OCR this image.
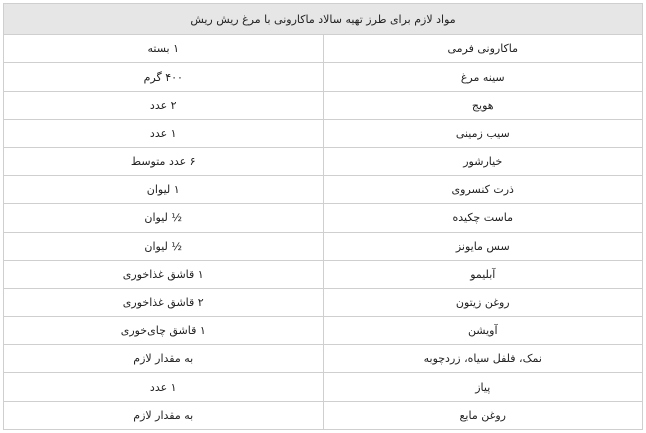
مواد لازم برای طرز تهیه سالاد ماکارونی با مرغ ریش ریش	
ماکارونی فرمی	۱ بسته
سینه مرغ	۴۰۰ گرم
هویج	۲ عدد
سیب زمینی	۱ عدد
خیارشور	۶ عدد متوسط
ذرت کنسروی	۱ لیوان
ماست چکیده	½ لیوان
سس مایونز	½ لیوان
آبلیمو	۱ قاشق غذاخوری
روغن زیتون	۲ قاشق غذاخوری
آویشن	۱ قاشق چای‌خوری
نمک، فلفل سیاه، زردچوبه	به مقدار لازم
پیاز	۱ عدد
روغن مایع	به مقدار لازم
